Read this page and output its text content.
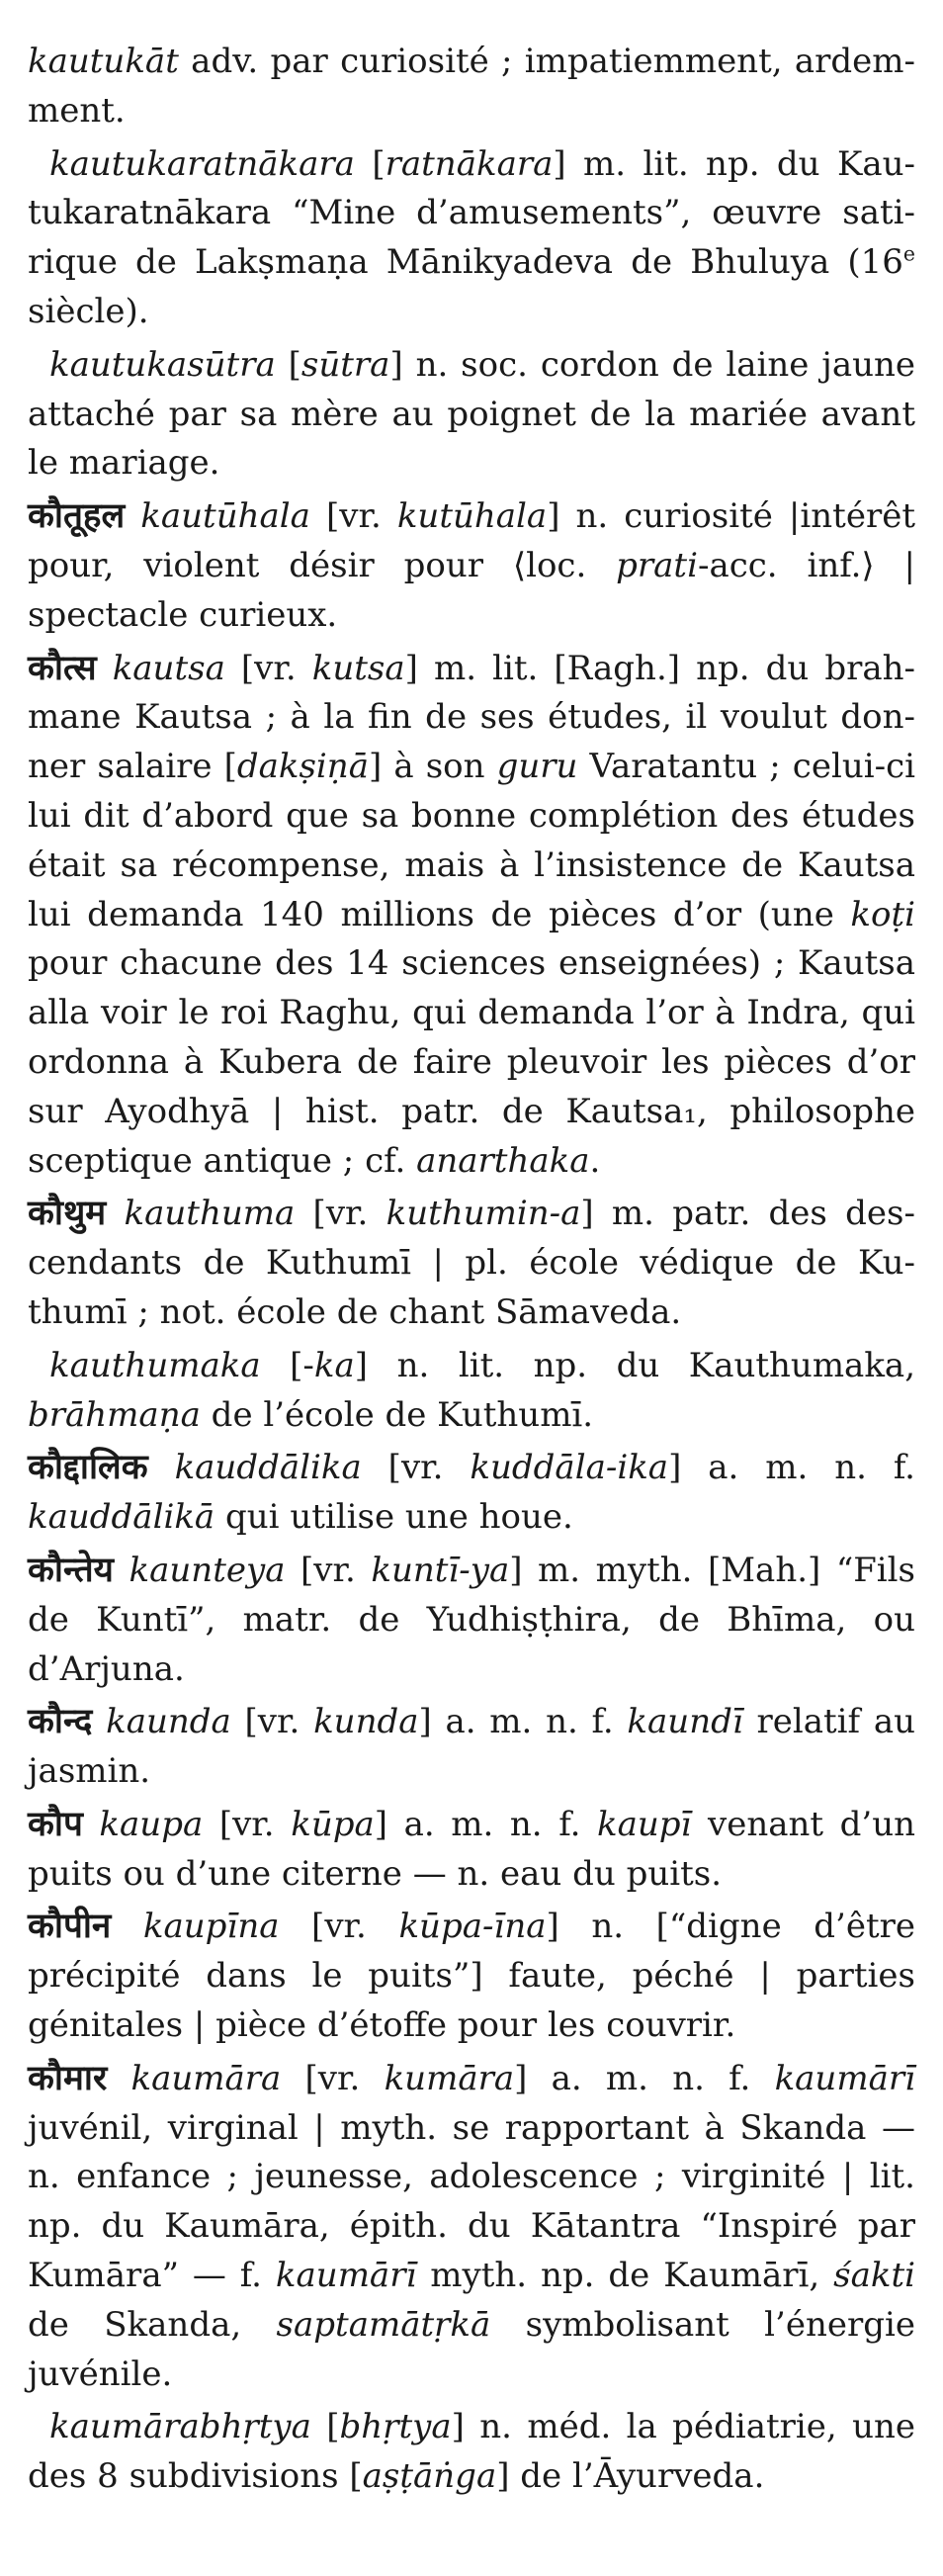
kautukāt adv. par curiosité ; impatiemment, ardem-ment.

kautukaratnākara [ratnākara] m. lit. np. du Kau-tukaratnākara “Mine d’amusements”, œuvre sati-rique de Lakṣmaṇa Mānikyadeva de Bhuluya (16e siècle).

kautukasūtra [sūtra] n. soc. cordon de laine jaune attaché par sa mère au poignet de la mariée avant le mariage.

कौतूहल kautūhala [vr. kutūhala] n. curiosité |intérêt pour, violent désir pour ⟨loc. prati-acc. inf.⟩ | spectacle curieux.

कौत्स kautsa [vr. kutsa] m. lit. [Ragh.] np. du brah-mane Kautsa ; à la fin de ses études, il voulut don-ner salaire [dakṣiṇā] à son guru Varatantu ; celui-ci lui dit d’abord que sa bonne complétion des études était sa récompense, mais à l’insistence de Kautsa lui demanda 140 millions de pièces d’or (une koṭi pour chacune des 14 sciences enseignées) ; Kautsa alla voir le roi Raghu, qui demanda l’or à Indra, qui ordonna à Kubera de faire pleuvoir les pièces d’or sur Ayodhyā | hist. patr. de Kautsa₁, philosophe sceptique antique ; cf. anarthaka.

कौथुम kauthuma [vr. kuthumin-a] m. patr. des des-cendants de Kuthumī | pl. école védique de Ku-thumī ; not. école de chant Sāmaveda.

kauthumaka [-ka] n. lit. np. du Kauthumaka, brāhmaṇa de l’école de Kuthumī.

कौद्दालिक kauddālika [vr. kuddāla-ika] a. m. n. f. kauddālikā qui utilise une houe.

कौन्तेय kaunteya [vr. kuntī-ya] m. myth. [Mah.] “Fils de Kuntī”, matr. de Yudhiṣṭhira, de Bhīma, ou d’Arjuna.

कौन्द kaunda [vr. kunda] a. m. n. f. kaundī relatif au jasmin.

कौप kaupa [vr. kūpa] a. m. n. f. kaupī venant d’un puits ou d’une citerne — n. eau du puits.

कौपीन kaupīna [vr. kūpa-īna] n. [“digne d’être précipité dans le puits”] faute, péché | parties génitales | pièce d’étoffe pour les couvrir.

कौमार kaumāra [vr. kumāra] a. m. n. f. kaumārī juvénil, virginal | myth. se rapportant à Skanda — n. enfance ; jeunesse, adolescence ; virginité | lit. np. du Kaumāra, épith. du Kātantra “Inspiré par Kumāra” — f. kaumārī myth. np. de Kaumārī, śakti de Skanda, saptamātṛkā symbolisant l’énergie juvénile.

kaumārabhṛtya [bhṛtya] n. méd. la pédiatrie, une des 8 subdivisions [aṣṭāṅga] de l’Āyurveda.
